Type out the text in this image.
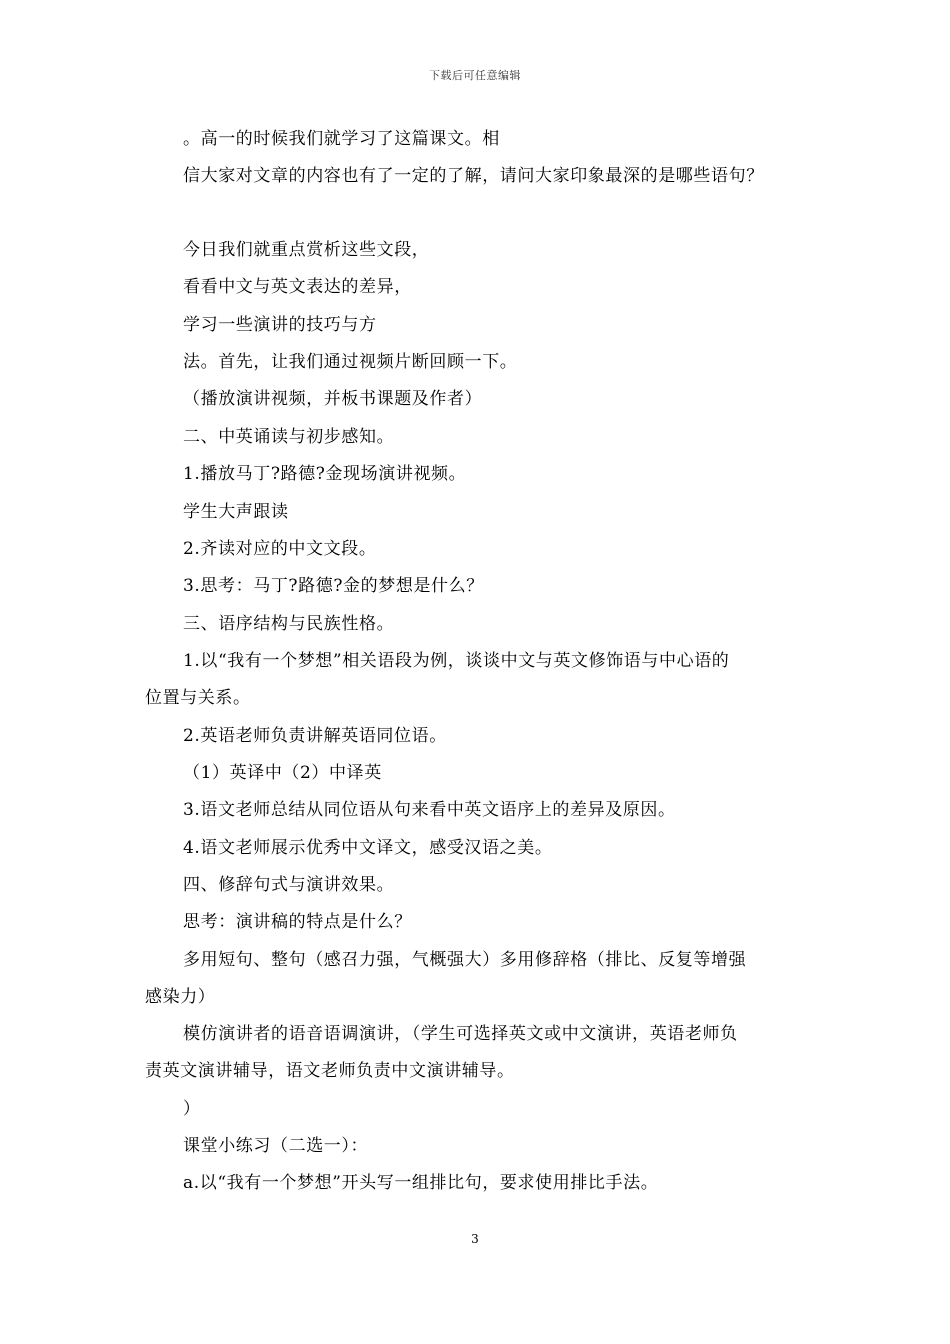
下载后可任意编辑
。高一的时候我们就学习了这篇课文。相
信大家对文章的内容也有了一定的了解，请问大家印象最深的是哪些语句？
今日我们就重点赏析这些文段，
看看中文与英文表达的差异，
学习一些演讲的技巧与方
法。首先，让我们通过视频片断回顾一下。
（播放演讲视频，并板书课题及作者）
二、中英诵读与初步感知。
1.播放马丁?路德?金现场演讲视频。
学生大声跟读
2.齐读对应的中文文段。
3.思考：马丁?路德?金的梦想是什么？
三、语序结构与民族性格。
1.以“我有一个梦想”相关语段为例，谈谈中文与英文修饰语与中心语的
位置与关系。
2.英语老师负责讲解英语同位语。
（1）英译中（2）中译英
3.语文老师总结从同位语从句来看中英文语序上的差异及原因。
4.语文老师展示优秀中文译文，感受汉语之美。
四、修辞句式与演讲效果。
思考：演讲稿的特点是什么？
多用短句、整句（感召力强，气概强大）多用修辞格（排比、反复等增强
感染力）
模仿演讲者的语音语调演讲，（学生可选择英文或中文演讲，英语老师负
责英文演讲辅导，语文老师负责中文演讲辅导。
）
课堂小练习（二选一）：
a.以“我有一个梦想”开头写一组排比句，要求使用排比手法。
3
